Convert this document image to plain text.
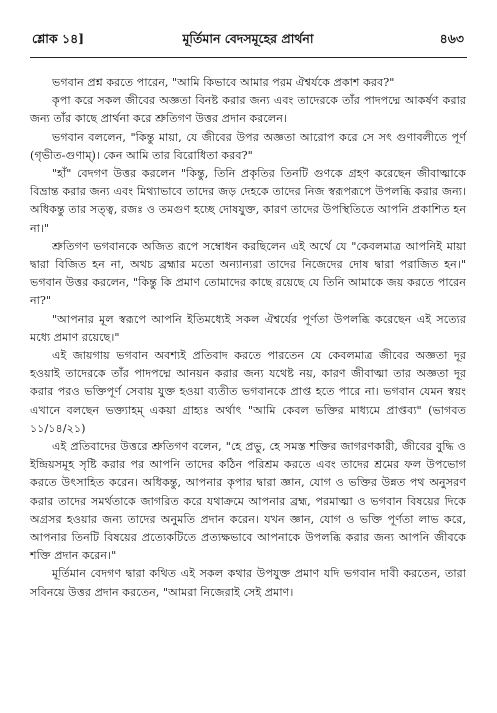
শ্লোক ১৪]	মূর্তিমান বেদসমূহের প্রার্থনা	৪৬৩

ভগবান প্রশ্ন করতে পারেন, "আমি কিভাবে আমার পরম ঐশ্বর্যকে প্রকাশ করব?"

কৃপা করে সকল জীবের অজ্ঞতা বিনষ্ট করার জন্য এবং তাদেরকে তাঁর পাদপদ্মে আকর্ষণ করার জন্য তাঁর কাছে প্রার্থনা করে শ্রুতিগণ উত্তর প্রদান করলেন।

ভগবান বললেন, "কিন্তু মায়া, যে জীবের উপর অজ্ঞতা আরোপ করে সে সৎ গুণাবলীতে পূর্ণ (গৃভীত-গুণাম্)। কেন আমি তার বিরোধিতা করব?"

"হাঁ" বেদগণ উত্তর করলেন "কিন্তু, তিনি প্রকৃতির তিনটি গুণকে গ্রহণ করেছেন জীবাত্মাকে বিভ্রান্ত করার জন্য এবং মিথ্যাভাবে তাদের জড় দেহকে তাদের নিজ স্বরূপরূপে উপলব্ধি করার জন্য। অধিকন্তু তার সত্ত্ব, রজঃ ও তমগুণ হচ্ছে দোষযুক্ত, কারণ তাদের উপস্থিতিতে আপনি প্রকাশিত হন না।"

শ্রুতিগণ ভগবানকে অজিত রূপে সম্বোধন করছিলেন এই অর্থে যে "কেবলমাত্র আপনিই মায়া দ্বারা বিজিত হন না, অথচ ব্রহ্মার মতো অন্যান্যরা তাদের নিজেদের দোষ দ্বারা পরাজিত হন।" ভগবান উত্তর করলেন, "কিন্তু কি প্রমাণ তোমাদের কাছে রয়েছে যে তিনি আমাকে জয় করতে পারেন না?"

"আপনার মূল স্বরূপে আপনি ইতিমধ্যেই সকল ঐশ্বর্যের পূর্ণতা উপলব্ধি করেছেন এই সত্যের মধ্যে প্রমাণ রয়েছে।"

এই জায়গায় ভগবান অবশ্যই প্রতিবাদ করতে পারতেন যে কেবলমাত্র জীবের অজ্ঞতা দূর হওয়াই তাদেরকে তাঁর পাদপদ্মে আনয়ন করার জন্য যথেষ্ট নয়, কারণ জীবাত্মা তার অজ্ঞতা দূর করার পরও ভক্তিপূর্ণ সেবায় যুক্ত হওয়া ব্যতীত ভগবানকে প্রাপ্ত হতে পারে না। ভগবান যেমন স্বয়ং এখানে বলছেন ভক্ত্যাহম্ একয়া গ্রাহ্যঃ অর্থাৎ "আমি কেবল ভক্তির মাধ্যমে প্রাপ্তব্য" (ভাগবত ১১/১৪/২১)

এই প্রতিবাদের উত্তরে শ্রুতিগণ বলেন, "হে প্রভু, হে সমস্ত শক্তির জাগরণকারী, জীবের বুদ্ধি ও ইন্দ্রিয়সমূহ সৃষ্টি করার পর আপনি তাদের কঠিন পরিশ্রম করতে এবং তাদের শ্রমের ফল উপভোগ করতে উৎসাহিত করেন। অধিকন্তু, আপনার কৃপার দ্বারা জ্ঞান, যোগ ও ভক্তির উন্নত পথ অনুসরণ করার তাদের সমর্থতাকে জাগরিত করে যথাক্রমে আপনার ব্রহ্ম, পরমাত্মা ও ভগবান বিষয়ের দিকে অগ্রসর হওয়ার জন্য তাদের অনুমতি প্রদান করেন। যখন জ্ঞান, যোগ ও ভক্তি পূর্ণতা লাভ করে, আপনার তিনটি বিষয়ের প্রত্যেকটিতে প্রত্যক্ষভাবে আপনাকে উপলব্ধি করার জন্য আপনি জীবকে শক্তি প্রদান করেন।"

মূর্তিমান বেদগণ দ্বারা কথিত এই সকল কথার উপযুক্ত প্রমাণ যদি ভগবান দাবী করতেন, তারা সবিনয়ে উত্তর প্রদান করতেন, "আমরা নিজেরাই সেই প্রমাণ।
